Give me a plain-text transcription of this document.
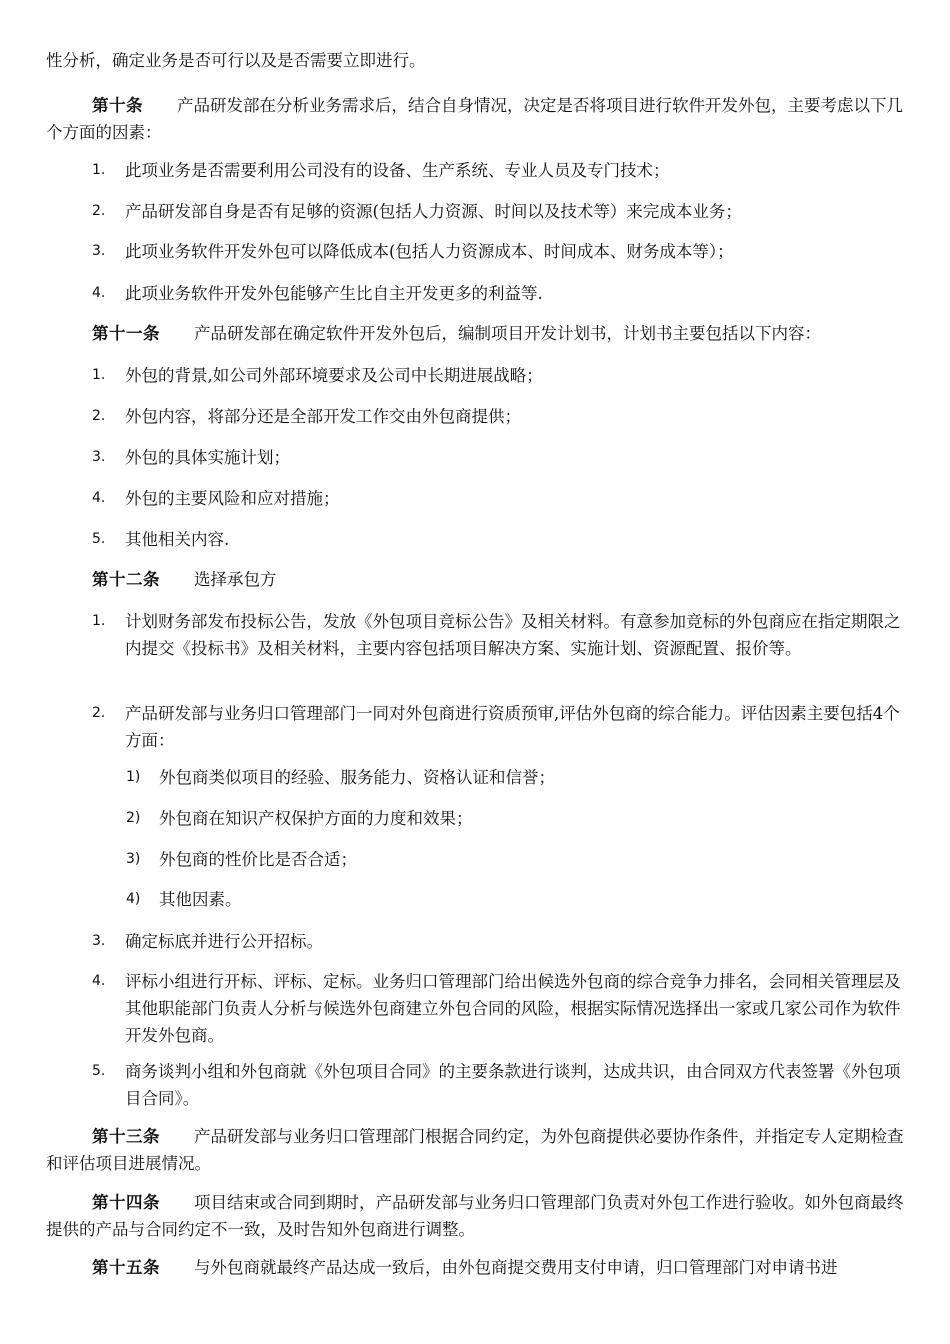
性分析，确定业务是否可行以及是否需要立即进行。

第十条 产品研发部在分析业务需求后，结合自身情况，决定是否将项目进行软件开发外包，主要考虑以下几个方面的因素：

1. 此项业务是否需要利用公司没有的设备、生产系统、专业人员及专门技术；
2. 产品研发部自身是否有足够的资源(包括人力资源、时间以及技术等）来完成本业务；
3. 此项业务软件开发外包可以降低成本(包括人力资源成本、时间成本、财务成本等）；
4. 此项业务软件开发外包能够产生比自主开发更多的利益等.

第十一条 产品研发部在确定软件开发外包后，编制项目开发计划书，计划书主要包括以下内容：

1. 外包的背景,如公司外部环境要求及公司中长期进展战略；
2. 外包内容，将部分还是全部开发工作交由外包商提供；
3. 外包的具体实施计划；
4. 外包的主要风险和应对措施；
5. 其他相关内容.

第十二条 选择承包方

1. 计划财务部发布投标公告，发放《外包项目竞标公告》及相关材料。有意参加竞标的外包商应在指定期限之内提交《投标书》及相关材料，主要内容包括项目解决方案、实施计划、资源配置、报价等。
2. 产品研发部与业务归口管理部门一同对外包商进行资质预审,评估外包商的综合能力。评估因素主要包括4个方面：
1) 外包商类似项目的经验、服务能力、资格认证和信誉；
2) 外包商在知识产权保护方面的力度和效果；
3) 外包商的性价比是否合适；
4) 其他因素。
3. 确定标底并进行公开招标。
4. 评标小组进行开标、评标、定标。业务归口管理部门给出候选外包商的综合竞争力排名，会同相关管理层及其他职能部门负责人分析与候选外包商建立外包合同的风险，根据实际情况选择出一家或几家公司作为软件开发外包商。
5. 商务谈判小组和外包商就《外包项目合同》的主要条款进行谈判，达成共识，由合同双方代表签署《外包项目合同》。

第十三条 产品研发部与业务归口管理部门根据合同约定，为外包商提供必要协作条件，并指定专人定期检查和评估项目进展情况。

第十四条 项目结束或合同到期时，产品研发部与业务归口管理部门负责对外包工作进行验收。如外包商最终提供的产品与合同约定不一致，及时告知外包商进行调整。

第十五条 与外包商就最终产品达成一致后，由外包商提交费用支付申请，归口管理部门对申请书进
